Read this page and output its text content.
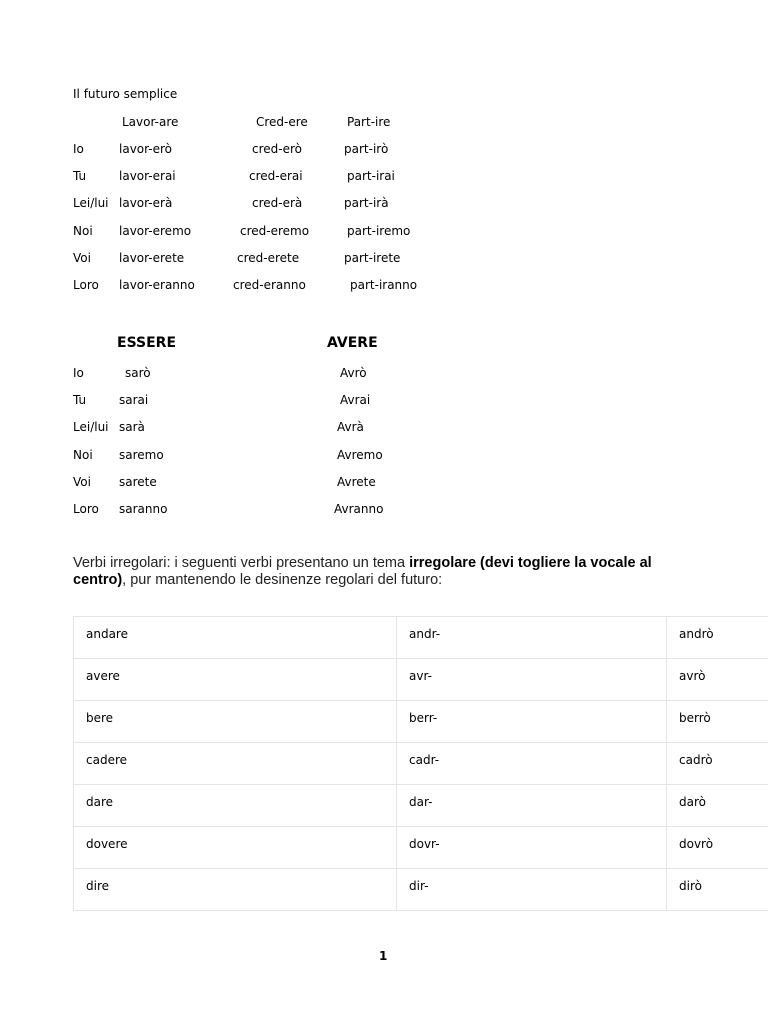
Il futuro semplice
Lavor-are	Cred-ere	Part-ire
Io	lavor-erò	cred-erò	part-irò
Tu	lavor-erai	cred-erai	part-irai
Lei/lui lavor-erà	cred-erà	part-irà
Noi lavor-eremo	cred-eremo	part-iremo
Voi lavor-erete	cred-erete	part-irete
Loro lavor-eranno	cred-eranno	part-iranno
ESSERE	AVERE
Io	sarò	Avrò
Tu	sarai	Avrai
Lei/lui sarà	Avrà
Noi saremo	Avremo
Voi sarete	Avrete
Loro saranno	Avranno
Verbi irregolari: i seguenti verbi presentano un tema irregolare (devi togliere la vocale al centro), pur mantenendo le desinenze regolari del futuro:
andare	andr-	andrò
avere	avr-	avrò
bere	berr-	berrò
cadere	cadr-	cadrò
dare	dar-	darò
dovere	dovr-	dovrò
dire	dir-	dirò
1
